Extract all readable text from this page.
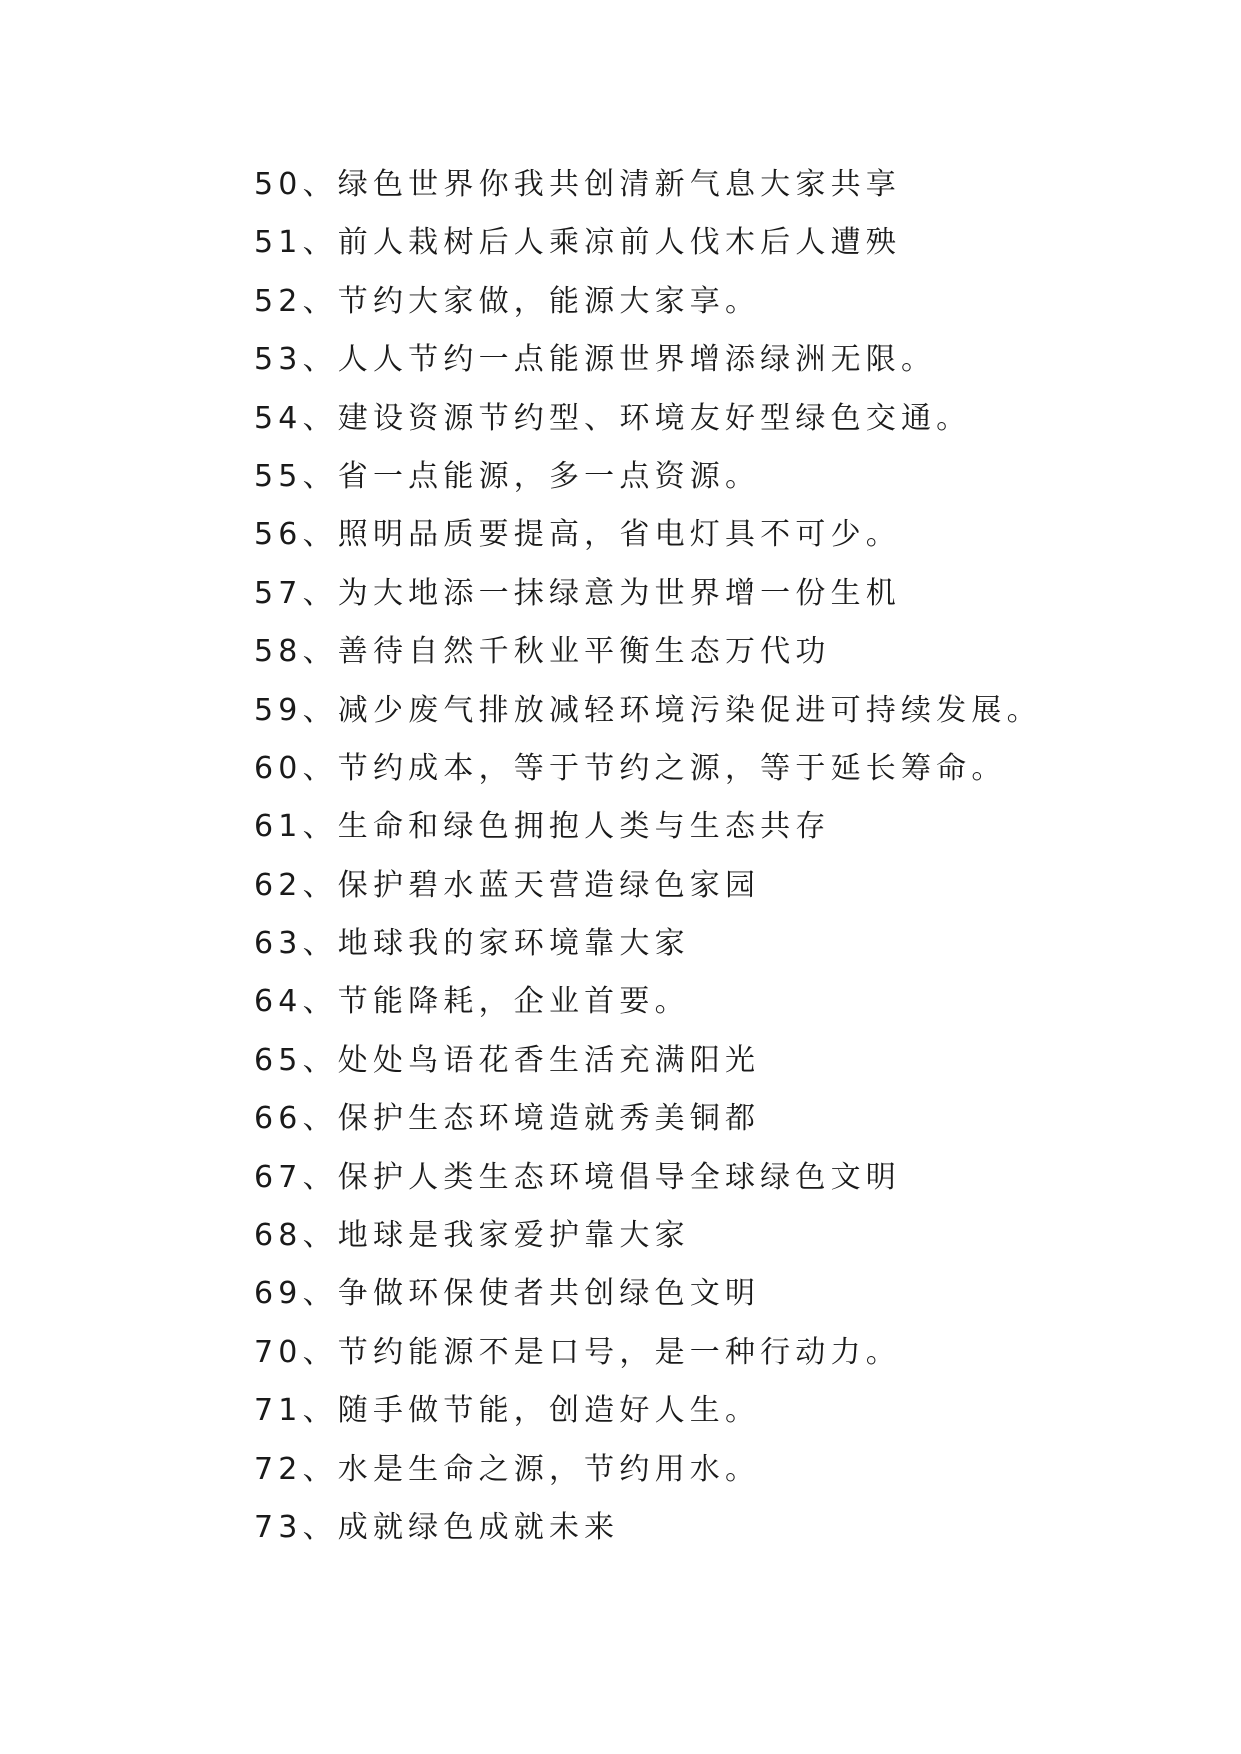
50、绿色世界你我共创清新气息大家共享
51、前人栽树后人乘凉前人伐木后人遭殃
52、节约大家做，能源大家享。
53、人人节约一点能源世界增添绿洲无限。
54、建设资源节约型、环境友好型绿色交通。
55、省一点能源，多一点资源。
56、照明品质要提高，省电灯具不可少。
57、为大地添一抹绿意为世界增一份生机
58、善待自然千秋业平衡生态万代功
59、减少废气排放减轻环境污染促进可持续发展。
60、节约成本，等于节约之源，等于延长筹命。
61、生命和绿色拥抱人类与生态共存
62、保护碧水蓝天营造绿色家园
63、地球我的家环境靠大家
64、节能降耗，企业首要。
65、处处鸟语花香生活充满阳光
66、保护生态环境造就秀美铜都
67、保护人类生态环境倡导全球绿色文明
68、地球是我家爱护靠大家
69、争做环保使者共创绿色文明
70、节约能源不是口号，是一种行动力。
71、随手做节能，创造好人生。
72、水是生命之源，节约用水。
73、成就绿色成就未来
